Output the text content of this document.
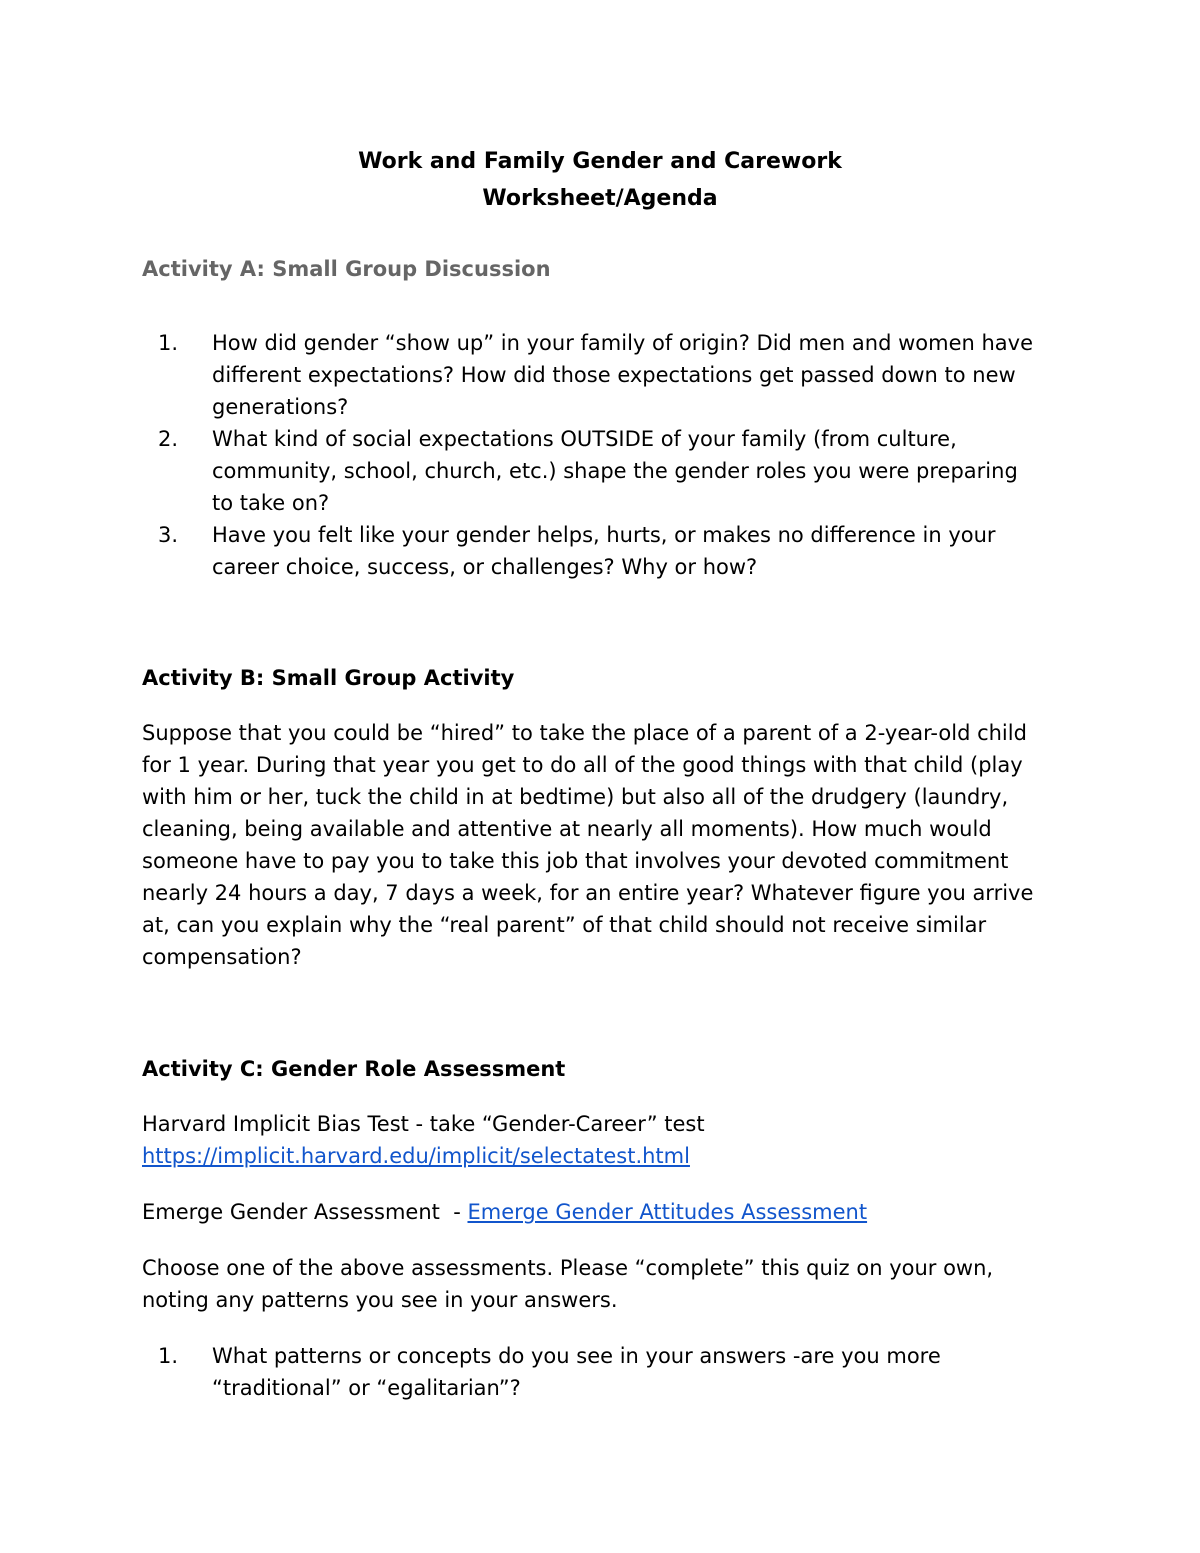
Work and Family Gender and Carework
Worksheet/Agenda
Activity A: Small Group Discussion
1. How did gender “show up” in your family of origin? Did men and women have
different expectations? How did those expectations get passed down to new
generations?
2. What kind of social expectations OUTSIDE of your family (from culture,
community, school, church, etc.) shape the gender roles you were preparing
to take on?
3. Have you felt like your gender helps, hurts, or makes no difference in your
career choice, success, or challenges? Why or how?
Activity B: Small Group Activity
Suppose that you could be “hired” to take the place of a parent of a 2-year-old child
for 1 year. During that year you get to do all of the good things with that child (play
with him or her, tuck the child in at bedtime) but also all of the drudgery (laundry,
cleaning, being available and attentive at nearly all moments). How much would
someone have to pay you to take this job that involves your devoted commitment
nearly 24 hours a day, 7 days a week, for an entire year? Whatever figure you arrive
at, can you explain why the “real parent” of that child should not receive similar
compensation?
Activity C: Gender Role Assessment
Harvard Implicit Bias Test - take “Gender-Career” test
https://implicit.harvard.edu/implicit/selectatest.html
Emerge Gender Assessment  - Emerge Gender Attitudes Assessment
Choose one of the above assessments. Please “complete” this quiz on your own,
noting any patterns you see in your answers.
1. What patterns or concepts do you see in your answers -are you more
“traditional” or “egalitarian”?
